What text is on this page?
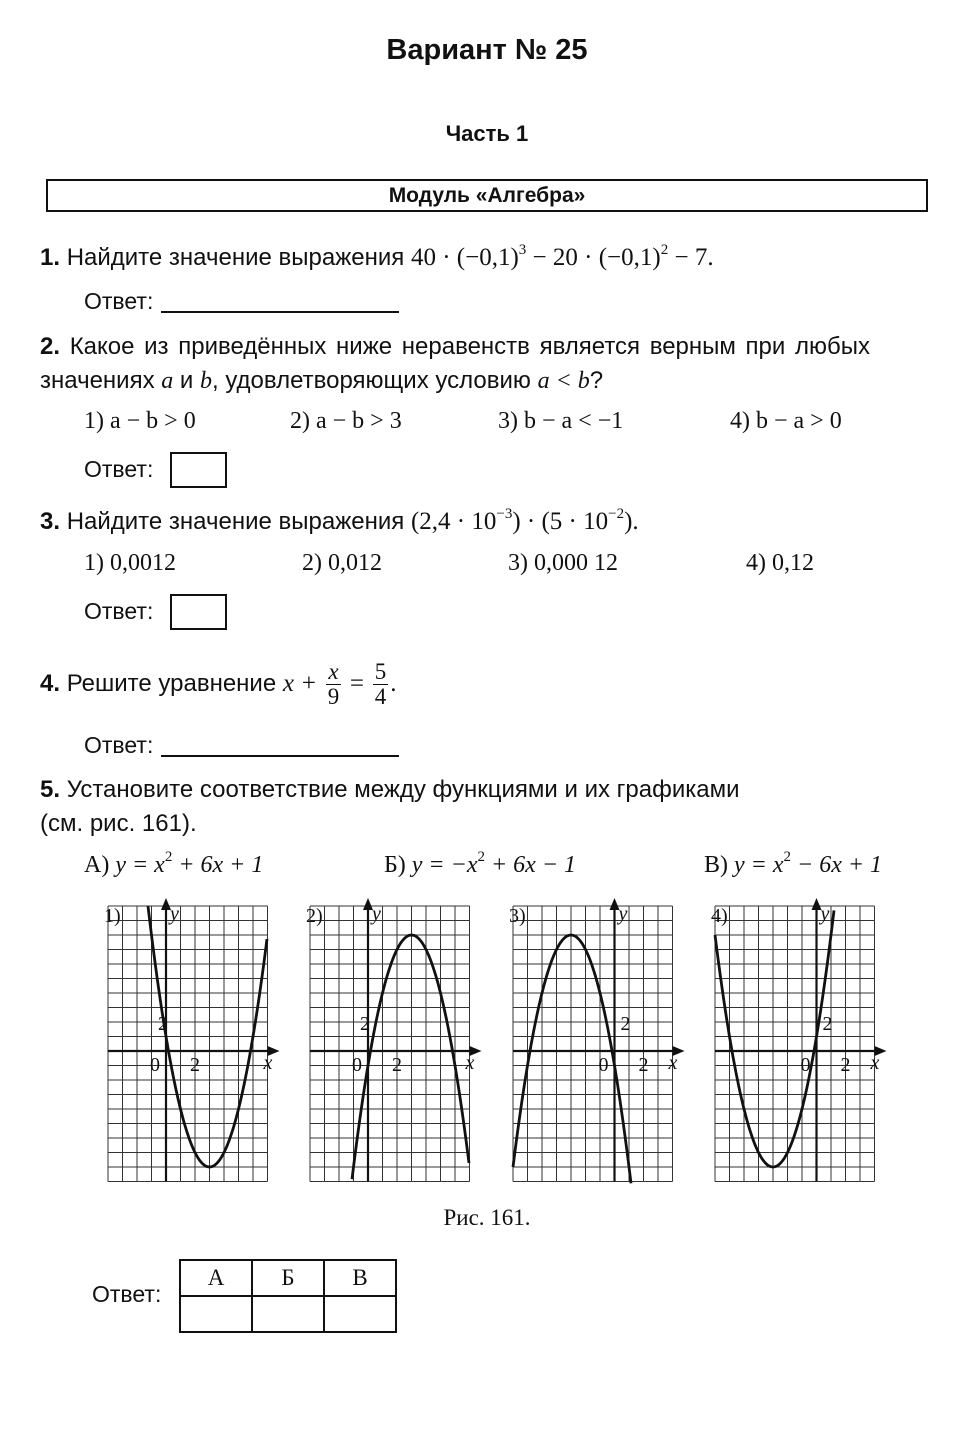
Вариант № 25
Часть 1
Модуль «Алгебра»
1. Найдите значение выражения $40 \cdot (-0,1)^3 - 20 \cdot (-0,1)^2 - 7$.
Ответ:
2. Какое из приведённых ниже неравенств является верным при любых
значениях a и b, удовлетворяющих условию a < b?
1) a − b > 0	2) a − b > 3	3) b − a < −1	4) b − a > 0
Ответ:
3. Найдите значение выражения $(2,4 \cdot 10^{-3}) \cdot (5 \cdot 10^{-2})$.
1) 0,0012	2) 0,012	3) 0,000 12	4) 0,12
Ответ:
4. Решите уравнение $x + \frac{x}{9} = \frac{5}{4}$ .
Ответ:
5. Установите соответствие между функциями и их графиками
(см. рис. 161).
А) $y = x^2 + 6x + 1$	Б) $y = -x^2 + 6x - 1$	В) $y = x^2 - 6x + 1$
1) y
x
0 2
2
2) y
x
0 2
2
3)	y
x
0 2
2
4)	y
x
0 2
2
Рис. 161.
Ответ:
А	Б	В
